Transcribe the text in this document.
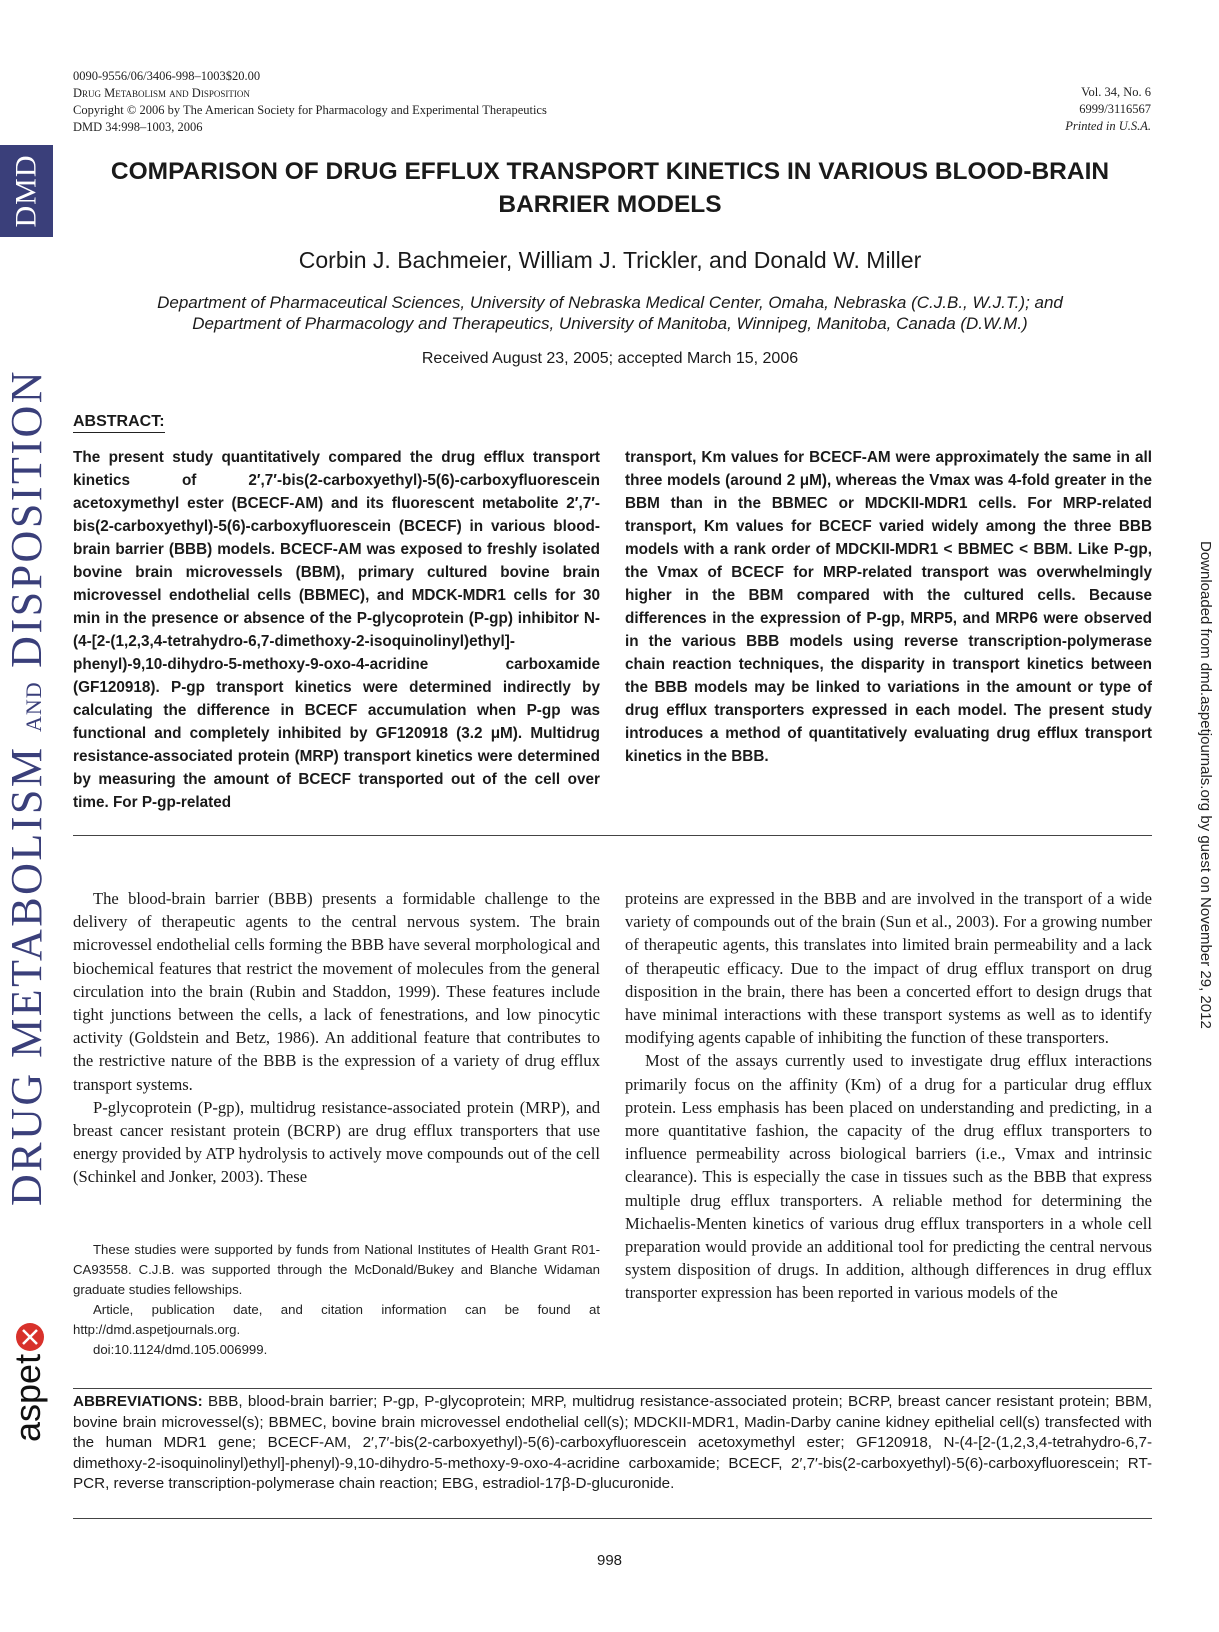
0090-9556/06/3406-998–1003$20.00
Drug Metabolism and Disposition
Copyright © 2006 by The American Society for Pharmacology and Experimental Therapeutics
DMD 34:998–1003, 2006
Vol. 34, No. 6
6999/3116567
Printed in U.S.A.
DMD
DRUG METABOLISM AND DISPOSITION
aspet
Downloaded from dmd.aspetjournals.org by guest on November 29, 2012
COMPARISON OF DRUG EFFLUX TRANSPORT KINETICS IN VARIOUS BLOOD-BRAIN BARRIER MODELS
Corbin J. Bachmeier, William J. Trickler, and Donald W. Miller
Department of Pharmaceutical Sciences, University of Nebraska Medical Center, Omaha, Nebraska (C.J.B., W.J.T.); and
Department of Pharmacology and Therapeutics, University of Manitoba, Winnipeg, Manitoba, Canada (D.W.M.)
Received August 23, 2005; accepted March 15, 2006
ABSTRACT:
The present study quantitatively compared the drug efflux transport kinetics of 2′,7′-bis(2-carboxyethyl)-5(6)-carboxyfluorescein acetoxymethyl ester (BCECF-AM) and its fluorescent metabolite 2′,7′-bis(2-carboxyethyl)-5(6)-carboxyfluorescein (BCECF) in various blood-brain barrier (BBB) models. BCECF-AM was exposed to freshly isolated bovine brain microvessels (BBM), primary cultured bovine brain microvessel endothelial cells (BBMEC), and MDCK-MDR1 cells for 30 min in the presence or absence of the P-glycoprotein (P-gp) inhibitor N-(4-[2-(1,2,3,4-tetrahydro-6,7-dimethoxy-2-isoquinolinyl)ethyl]-phenyl)-9,10-dihydro-5-methoxy-9-oxo-4-acridine carboxamide (GF120918). P-gp transport kinetics were determined indirectly by calculating the difference in BCECF accumulation when P-gp was functional and completely inhibited by GF120918 (3.2 μM). Multidrug resistance-associated protein (MRP) transport kinetics were determined by measuring the amount of BCECF transported out of the cell over time. For P-gp-related
transport, Km values for BCECF-AM were approximately the same in all three models (around 2 μM), whereas the Vmax was 4-fold greater in the BBM than in the BBMEC or MDCKII-MDR1 cells. For MRP-related transport, Km values for BCECF varied widely among the three BBB models with a rank order of MDCKII-MDR1 < BBMEC < BBM. Like P-gp, the Vmax of BCECF for MRP-related transport was overwhelmingly higher in the BBM compared with the cultured cells. Because differences in the expression of P-gp, MRP5, and MRP6 were observed in the various BBB models using reverse transcription-polymerase chain reaction techniques, the disparity in transport kinetics between the BBB models may be linked to variations in the amount or type of drug efflux transporters expressed in each model. The present study introduces a method of quantitatively evaluating drug efflux transport kinetics in the BBB.

The blood-brain barrier (BBB) presents a formidable challenge to the delivery of therapeutic agents to the central nervous system. The brain microvessel endothelial cells forming the BBB have several morphological and biochemical features that restrict the movement of molecules from the general circulation into the brain (Rubin and Staddon, 1999). These features include tight junctions between the cells, a lack of fenestrations, and low pinocytic activity (Goldstein and Betz, 1986). An additional feature that contributes to the restrictive nature of the BBB is the expression of a variety of drug efflux transport systems.

P-glycoprotein (P-gp), multidrug resistance-associated protein (MRP), and breast cancer resistant protein (BCRP) are drug efflux transporters that use energy provided by ATP hydrolysis to actively move compounds out of the cell (Schinkel and Jonker, 2003). These

proteins are expressed in the BBB and are involved in the transport of a wide variety of compounds out of the brain (Sun et al., 2003). For a growing number of therapeutic agents, this translates into limited brain permeability and a lack of therapeutic efficacy. Due to the impact of drug efflux transport on drug disposition in the brain, there has been a concerted effort to design drugs that have minimal interactions with these transport systems as well as to identify modifying agents capable of inhibiting the function of these transporters.

Most of the assays currently used to investigate drug efflux interactions primarily focus on the affinity (Km) of a drug for a particular drug efflux protein. Less emphasis has been placed on understanding and predicting, in a more quantitative fashion, the capacity of the drug efflux transporters to influence permeability across biological barriers (i.e., Vmax and intrinsic clearance). This is especially the case in tissues such as the BBB that express multiple drug efflux transporters. A reliable method for determining the Michaelis-Menten kinetics of various drug efflux transporters in a whole cell preparation would provide an additional tool for predicting the central nervous system disposition of drugs. In addition, although differences in drug efflux transporter expression has been reported in various models of the

These studies were supported by funds from National Institutes of Health Grant R01-CA93558. C.J.B. was supported through the McDonald/Bukey and Blanche Widaman graduate studies fellowships.

Article, publication date, and citation information can be found at http://dmd.aspetjournals.org.

doi:10.1124/dmd.105.006999.

ABBREVIATIONS: BBB, blood-brain barrier; P-gp, P-glycoprotein; MRP, multidrug resistance-associated protein; BCRP, breast cancer resistant protein; BBM, bovine brain microvessel(s); BBMEC, bovine brain microvessel endothelial cell(s); MDCKII-MDR1, Madin-Darby canine kidney epithelial cell(s) transfected with the human MDR1 gene; BCECF-AM, 2′,7′-bis(2-carboxyethyl)-5(6)-carboxyfluorescein acetoxymethyl ester; GF120918, N-(4-[2-(1,2,3,4-tetrahydro-6,7-dimethoxy-2-isoquinolinyl)ethyl]-phenyl)-9,10-dihydro-5-methoxy-9-oxo-4-acridine carboxamide; BCECF, 2′,7′-bis(2-carboxyethyl)-5(6)-carboxyfluorescein; RT-PCR, reverse transcription-polymerase chain reaction; EBG, estradiol-17β-D-glucuronide.
998
